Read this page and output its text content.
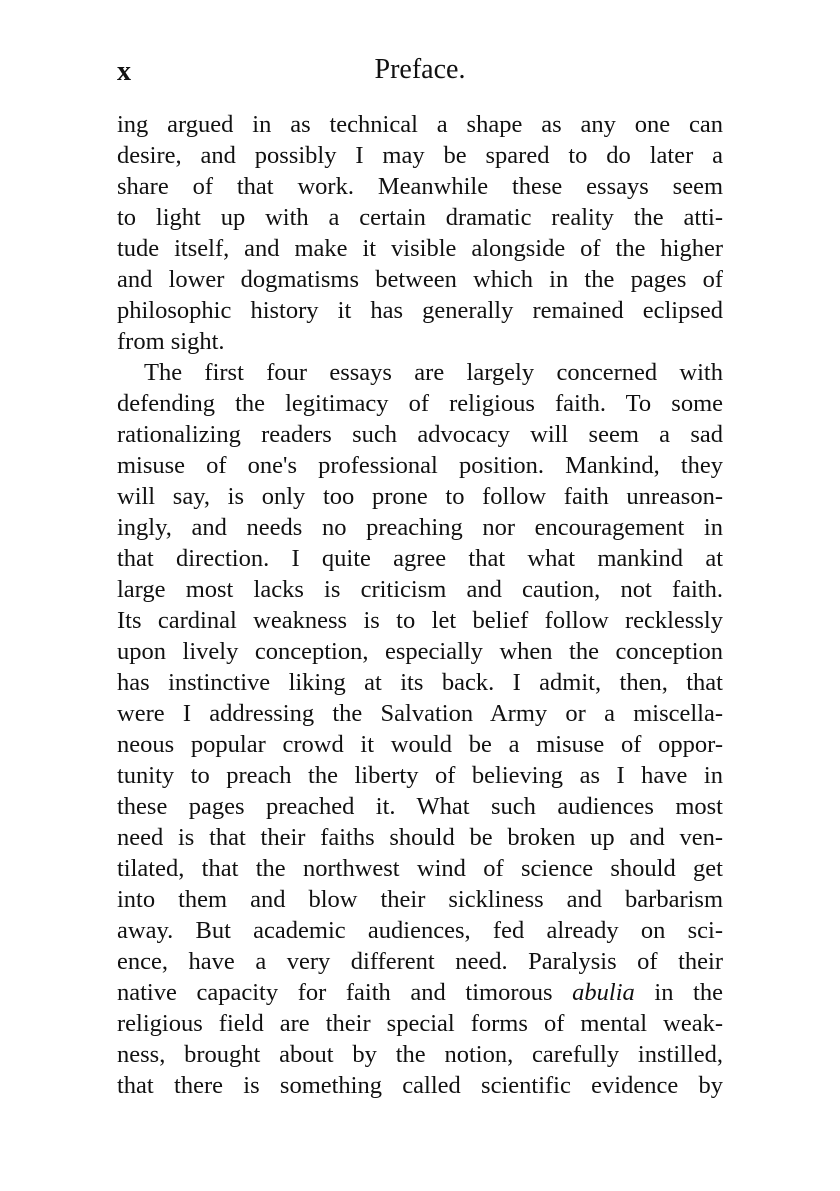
x	Preface.
ing argued in as technical a shape as any one can
desire, and possibly I may be spared to do later a
share of that work. Meanwhile these essays seem
to light up with a certain dramatic reality the atti-
tude itself, and make it visible alongside of the higher
and lower dogmatisms between which in the pages of
philosophic history it has generally remained eclipsed
from sight.
The first four essays are largely concerned with
defending the legitimacy of religious faith. To some
rationalizing readers such advocacy will seem a sad
misuse of one's professional position. Mankind, they
will say, is only too prone to follow faith unreason-
ingly, and needs no preaching nor encouragement in
that direction. I quite agree that what mankind at
large most lacks is criticism and caution, not faith.
Its cardinal weakness is to let belief follow recklessly
upon lively conception, especially when the conception
has instinctive liking at its back. I admit, then, that
were I addressing the Salvation Army or a miscella-
neous popular crowd it would be a misuse of oppor-
tunity to preach the liberty of believing as I have in
these pages preached it. What such audiences most
need is that their faiths should be broken up and ven-
tilated, that the northwest wind of science should get
into them and blow their sickliness and barbarism
away. But academic audiences, fed already on sci-
ence, have a very different need. Paralysis of their
native capacity for faith and timorous abulia in the
religious field are their special forms of mental weak-
ness, brought about by the notion, carefully instilled,
that there is something called scientific evidence by
